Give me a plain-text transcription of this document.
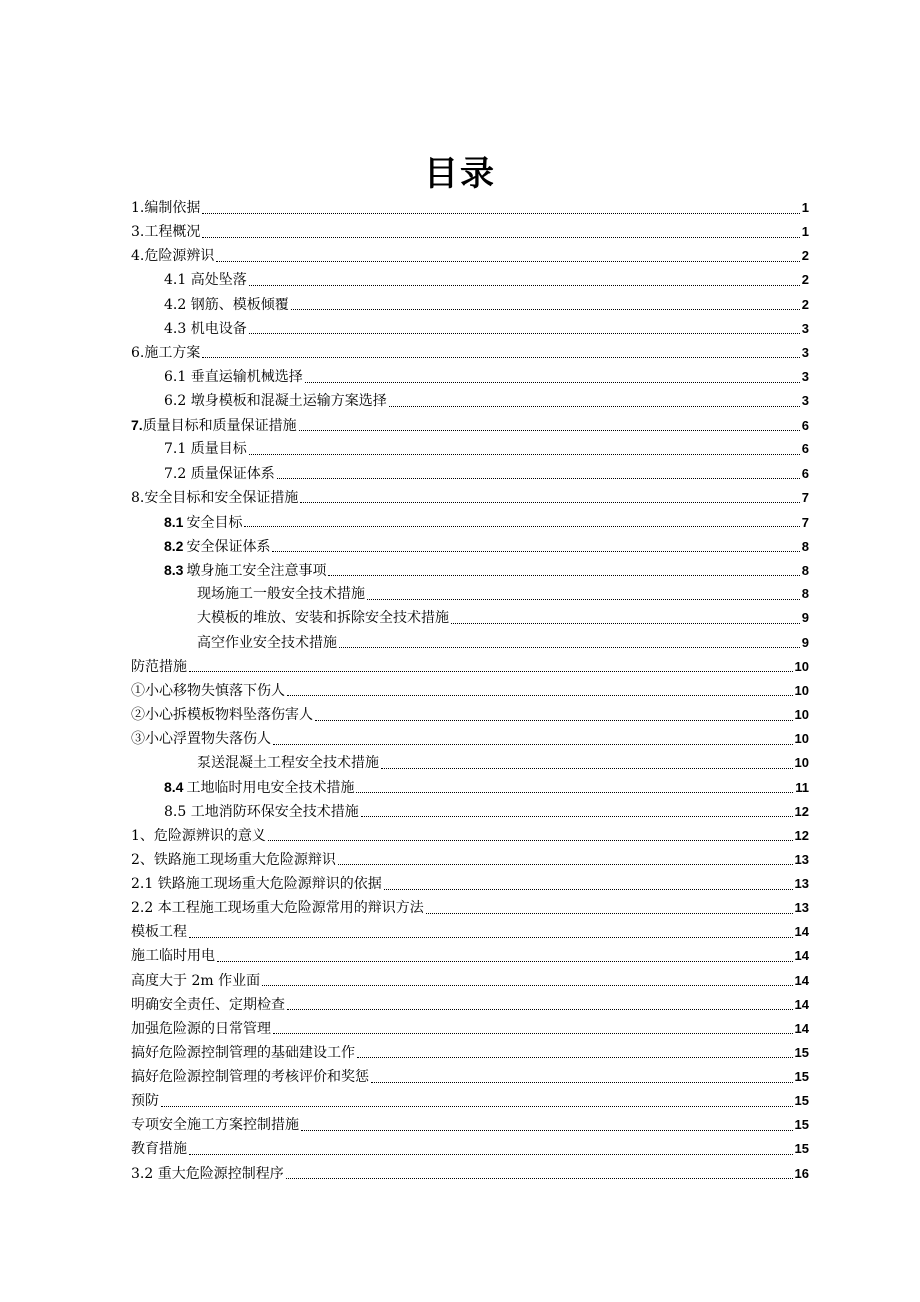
目录
1.编制依据	1
3.工程概况	1
4.危险源辨识	2
4.1 高处坠落	2
4.2 钢筋、模板倾覆	2
4.3 机电设备	3
6.施工方案	3
6.1 垂直运输机械选择	3
6.2 墩身模板和混凝土运输方案选择	3
7. 质量目标和质量保证措施	6
7.1 质量目标	6
7.2 质量保证体系	6
8.安全目标和安全保证措施	7
8.1 安全目标	7
8.2 安全保证体系	8
8.3 墩身施工安全注意事项	8
现场施工一般安全技术措施	8
大模板的堆放、安装和拆除安全技术措施	9
高空作业安全技术措施	9
防范措施	10
①小心移物失慎落下伤人	10
②小心拆模板物料坠落伤害人	10
③小心浮置物失落伤人	10
泵送混凝土工程安全技术措施	10
8.4 工地临时用电安全技术措施	11
8.5 工地消防环保安全技术措施	12
1、危险源辨识的意义	12
2、铁路施工现场重大危险源辩识	13
2.1 铁路施工现场重大危险源辩识的依据	13
2.2 本工程施工现场重大危险源常用的辩识方法	13
模板工程	14
施工临时用电	14
高度大于 2m 作业面	14
明确安全责任、定期检查	14
加强危险源的日常管理	14
搞好危险源控制管理的基础建设工作	15
搞好危险源控制管理的考核评价和奖惩	15
预防	15
专项安全施工方案控制措施	15
教育措施	15
3.2 重大危险源控制程序	16
